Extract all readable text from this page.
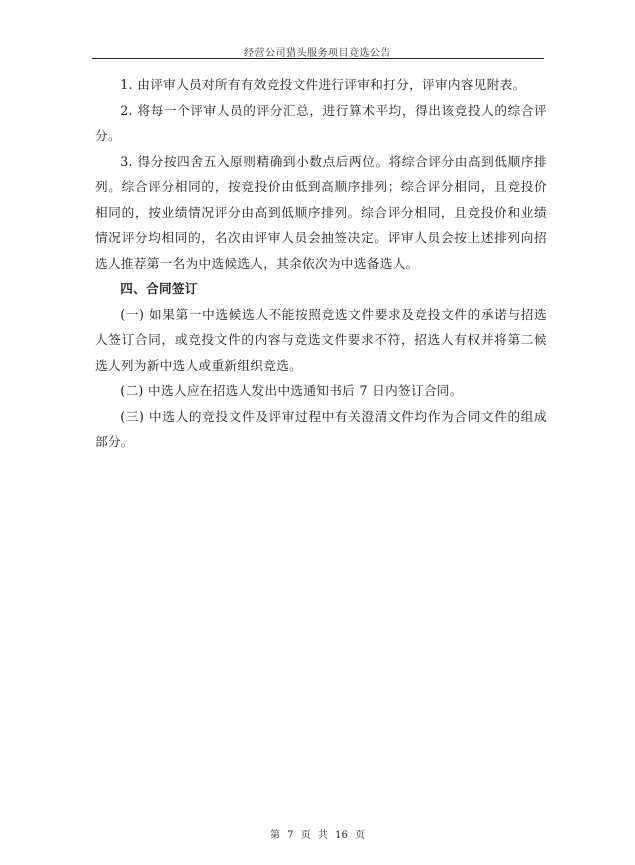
经营公司猎头服务项目竞选公告

1. 由评审人员对所有有效竞投文件进行评审和打分，评审内容见附表。

2. 将每一个评审人员的评分汇总，进行算术平均，得出该竞投人的综合评分。

3. 得分按四舍五入原则精确到小数点后两位。将综合评分由高到低顺序排列。综合评分相同的，按竞投价由低到高顺序排列；综合评分相同，且竞投价相同的，按业绩情况评分由高到低顺序排列。综合评分相同，且竞投价和业绩情况评分均相同的，名次由评审人员会抽签决定。评审人员会按上述排列向招选人推荐第一名为中选候选人，其余依次为中选备选人。

四、合同签订

(一) 如果第一中选候选人不能按照竞选文件要求及竞投文件的承诺与招选人签订合同，或竞投文件的内容与竞选文件要求不符，招选人有权并将第二候选人列为新中选人或重新组织竞选。

(二) 中选人应在招选人发出中选通知书后 7 日内签订合同。

(三) 中选人的竞投文件及评审过程中有关澄清文件均作为合同文件的组成部分。

第 7 页 共 16 页
